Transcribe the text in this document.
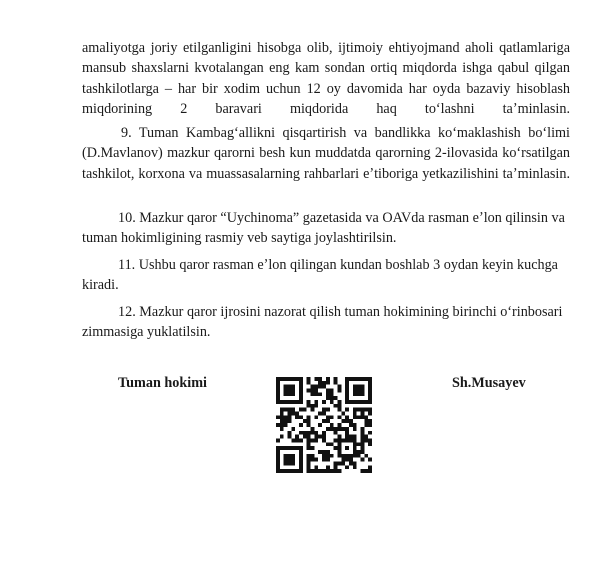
amaliyotga joriy etilganligini hisobga olib, ijtimoiy ehtiyojmand aholi qatlamlariga mansub shaxslarni kvotalangan eng kam sondan ortiq miqdorda ishga qabul qilgan tashkilotlarga – har bir xodim uchun 12 oy davomida har oyda bazaviy hisoblash miqdorining 2 baravari miqdorida haq to‘lashni taʼminlasin.

9. Tuman Kambag‘allikni qisqartirish va bandlikka ko‘maklashish bo‘limi (D.Mavlanov) mazkur qarorni besh kun muddatda qarorning 2-ilovasida ko‘rsatilgan tashkilot, korxona va muassasalarning rahbarlari eʼtiboriga yetkazilishini taʼminlasin.

10. Mazkur qaror “Uychinoma” gazetasida va OAVda rasman eʼlon qilinsin va tuman hokimligining rasmiy veb saytiga joylashtirilsin.

11. Ushbu qaror rasman eʼlon qilingan kundan boshlab 3 oydan keyin kuchga kiradi.

12. Mazkur qaror ijrosini nazorat qilish tuman hokimining birinchi o‘rinbosari zimmasiga yuklatilsin.

Tuman hokimi	Sh.Musayev
